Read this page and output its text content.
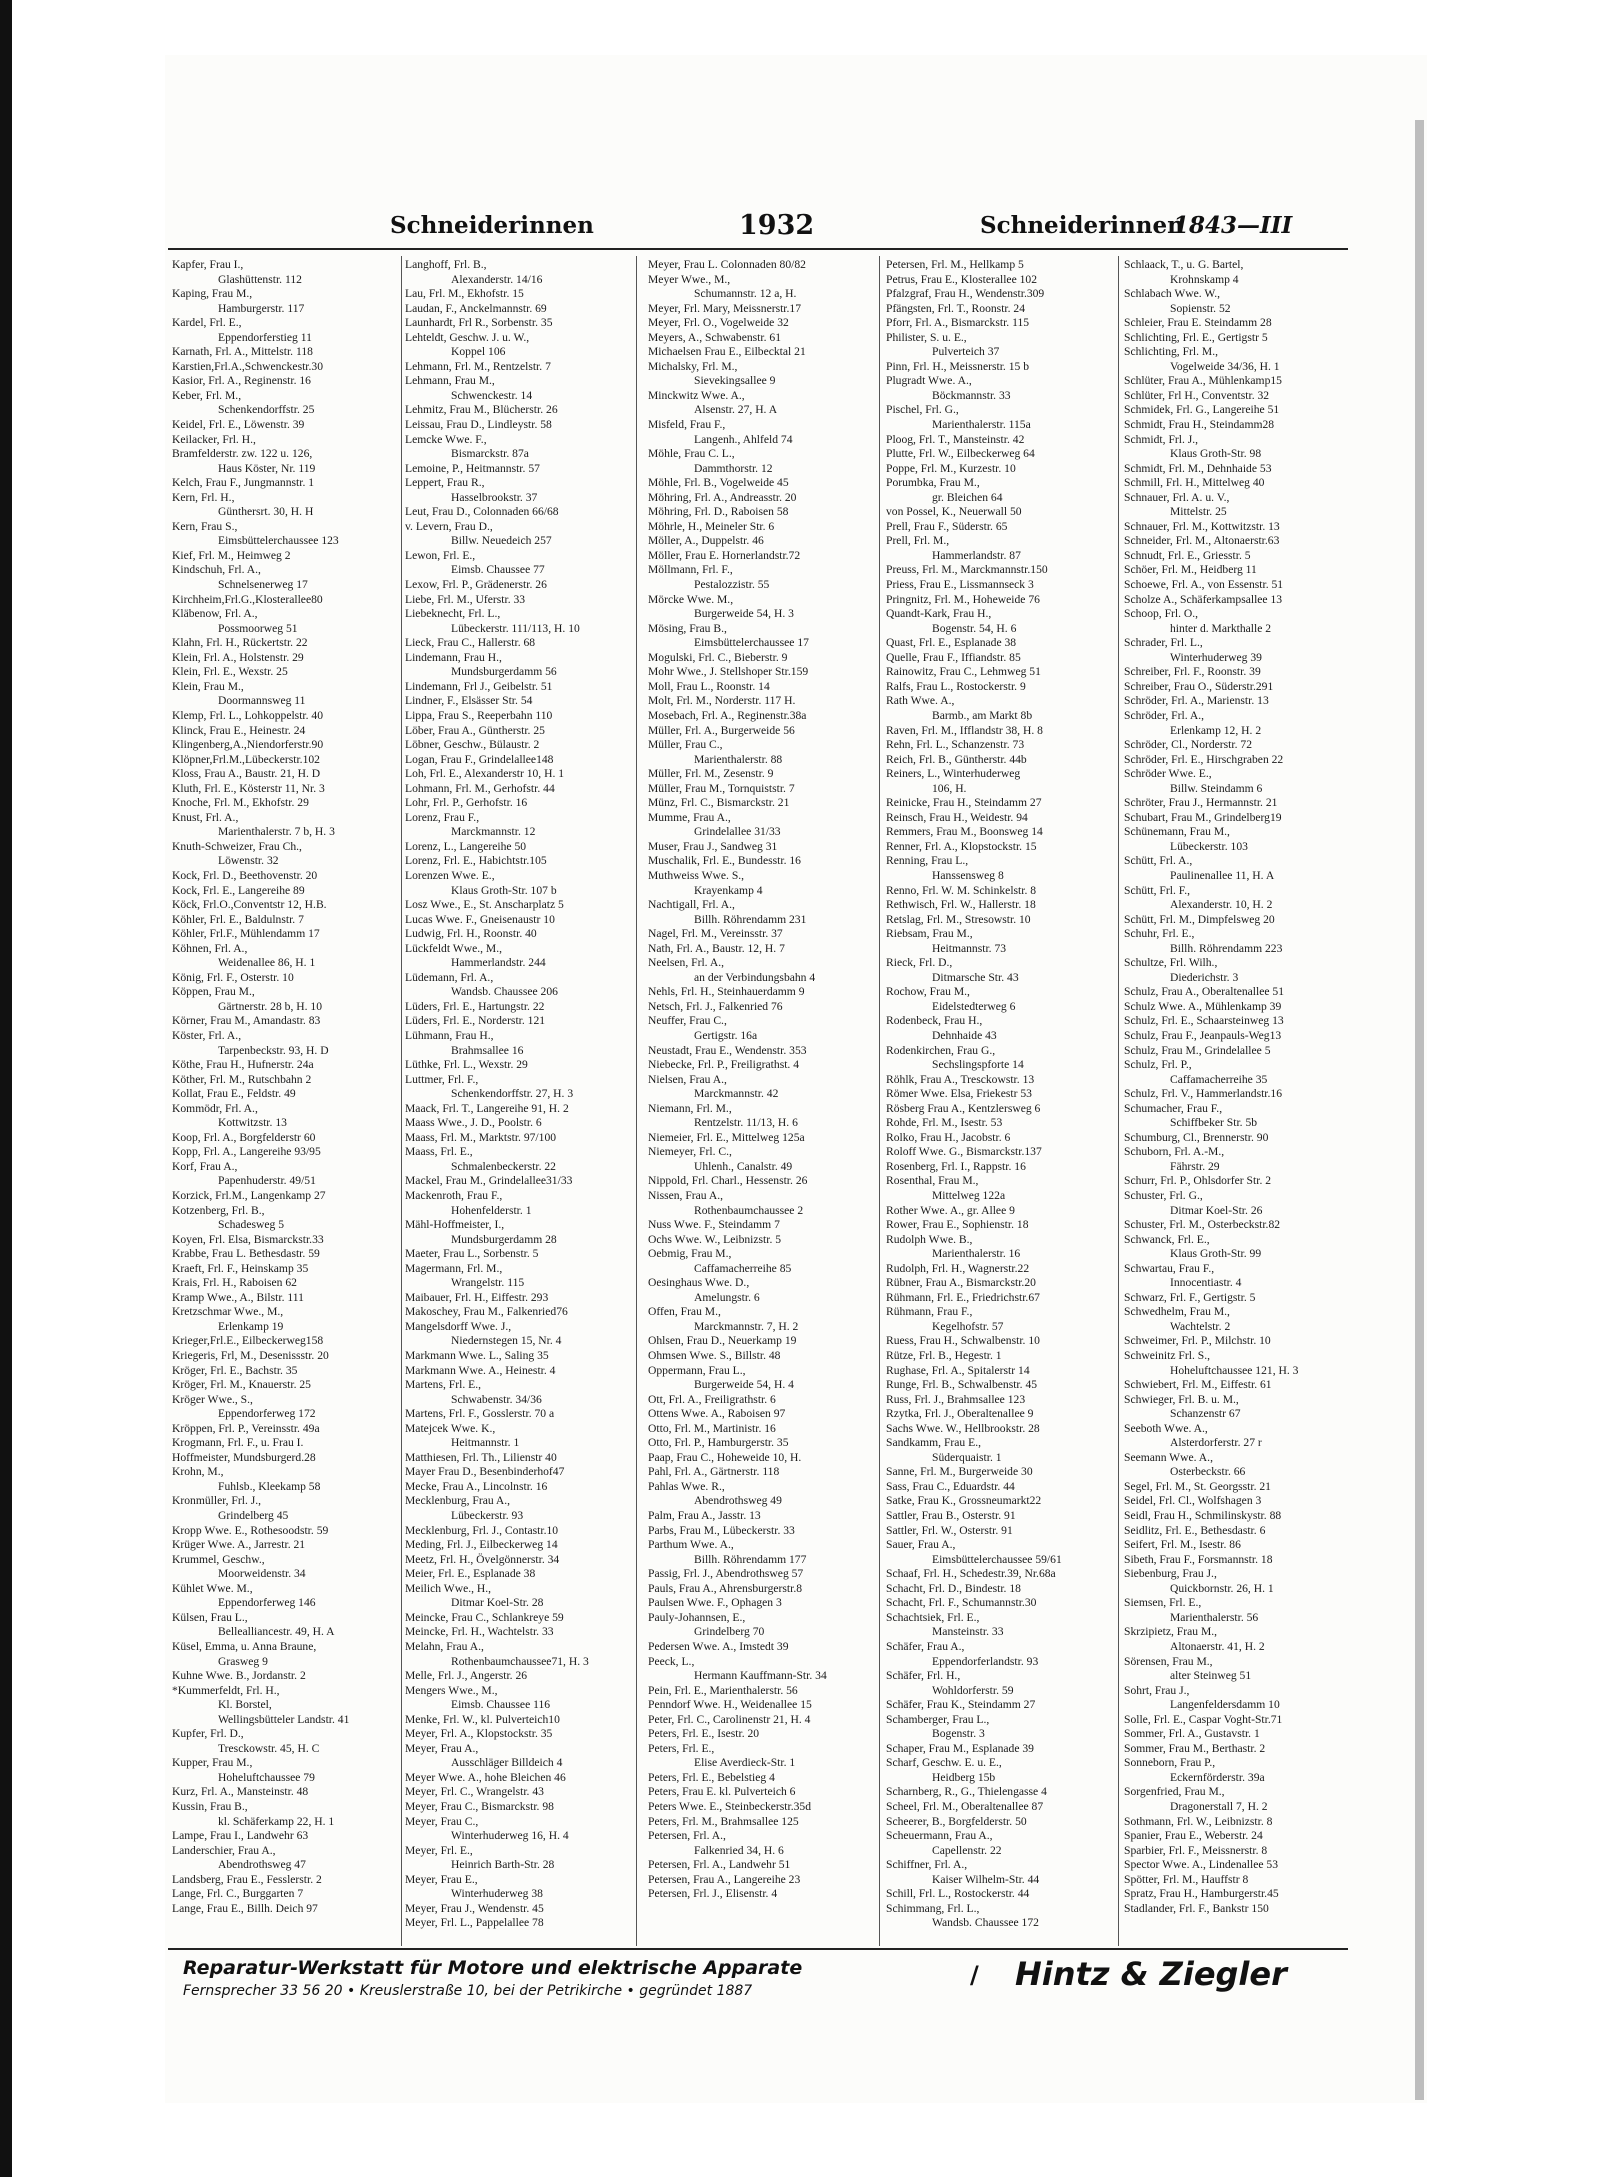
Schneiderinnen	1932	Schneiderinnen
1843—III
Kapfer, Frau I.,
Glashüttenstr. 112
Kaping, Frau M.,
Hamburgerstr. 117
Kardel, Frl. E.,
Eppendorferstieg 11
Karnath, Frl. A., Mittelstr. 118
Karstien,Frl.A.,Schwenckestr.30
Kasior, Frl. A., Reginenstr. 16
Keber, Frl. M.,
Schenkendorffstr. 25
Keidel, Frl. E., Löwenstr. 39
Keilacker, Frl. H.,
Bramfelderstr. zw. 122 u. 126,
Haus Köster, Nr. 119
Kelch, Frau F., Jungmannstr. 1
Kern, Frl. H.,
Günthersrt. 30, H. H
Kern, Frau S.,
Eimsbüttelerchaussee 123
Kief, Frl. M., Heimweg 2
Kindschuh, Frl. A.,
Schnelsenerweg 17
Kirchheim,Frl.G.,Klosterallee80
Kläbenow, Frl. A.,
Possmoorweg 51
Klahn, Frl. H., Rückertstr. 22
Klein, Frl. A., Holstenstr. 29
Klein, Frl. E., Wexstr. 25
Klein, Frau M.,
Doormannsweg 11
Klemp, Frl. L., Lohkoppelstr. 40
Klinck, Frau E., Heinestr. 24
Klingenberg,A.,Niendorferstr.90
Klöpner,Frl.M.,Lübeckerstr.102
Kloss, Frau A., Baustr. 21, H. D
Kluth, Frl. E., Kösterstr 11, Nr. 3
Knoche, Frl. M., Ekhofstr. 29
Knust, Frl. A.,
Marienthalerstr. 7 b, H. 3
Knuth-Schweizer, Frau Ch.,
Löwenstr. 32
Kock, Frl. D., Beethovenstr. 20
Kock, Frl. E., Langereihe 89
Köck, Frl.O.,Conventstr 12, H.B.
Köhler, Frl. E., Baldulnstr. 7
Köhler, Frl.F., Mühlendamm 17
Köhnen, Frl. A.,
Weidenallee 86, H. 1
König, Frl. F., Osterstr. 10
Köppen, Frau M.,
Gärtnerstr. 28 b, H. 10
Körner, Frau M., Amandastr. 83
Köster, Frl. A.,
Tarpenbeckstr. 93, H. D
Köthe, Frau H., Hufnerstr. 24a
Köther, Frl. M., Rutschbahn 2
Kollat, Frau E., Feldstr. 49
Kommödr, Frl. A.,
Kottwitzstr. 13
Koop, Frl. A., Borgfelderstr 60
Kopp, Frl. A., Langereihe 93/95
Korf, Frau A.,
Papenhuderstr. 49/51
Korzick, Frl.M., Langenkamp 27
Kotzenberg, Frl. B.,
Schadesweg 5
Koyen, Frl. Elsa, Bismarckstr.33
Krabbe, Frau L. Bethesdastr. 59
Kraeft, Frl. F., Heinskamp 35
Krais, Frl. H., Raboisen 62
Kramp Wwe., A., Bilstr. 111
Kretzschmar Wwe., M.,
Erlenkamp 19
Krieger,Frl.E., Eilbeckerweg158
Kriegeris, Frl, M., Desenissstr. 20
Kröger, Frl. E., Bachstr. 35
Kröger, Frl. M., Knauerstr. 25
Kröger Wwe., S.,
Eppendorferweg 172
Kröppen, Frl. P., Vereinsstr. 49a
Krogmann, Frl. F., u. Frau I.
Hoffmeister, Mundsburgerd.28
Krohn, M.,
Fuhlsb., Kleekamp 58
Kronmüller, Frl. J.,
Grindelberg 45
Kropp Wwe. E., Rothesoodstr. 59
Krüger Wwe. A., Jarrestr. 21
Krummel, Geschw.,
Moorweidenstr. 34
Kühlet Wwe. M.,
Eppendorferweg 146
Külsen, Frau L.,
Bellealliancestr. 49, H. A
Küsel, Emma, u. Anna Braune,
Grasweg 9
Kuhne Wwe. B., Jordanstr. 2
*Kummerfeldt, Frl. H.,
Kl. Borstel,
Wellingsbütteler Landstr. 41
Kupfer, Frl. D.,
Tresckowstr. 45, H. C
Kupper, Frau M.,
Hoheluftchaussee 79
Kurz, Frl. A., Mansteinstr. 48
Kussin, Frau B.,
kl. Schäferkamp 22, H. 1
Lampe, Frau I., Landwehr 63
Landerschier, Frau A.,
Abendrothsweg 47
Landsberg, Frau E., Fesslerstr. 2
Lange, Frl. C., Burggarten 7
Lange, Frau E., Billh. Deich 97
Langhoff, Frl. B.,
Alexanderstr. 14/16
Lau, Frl. M., Ekhofstr. 15
Laudan, F., Anckelmannstr. 69
Launhardt, Frl R., Sorbenstr. 35
Lehteldt, Geschw. J. u. W.,
Koppel 106
Lehmann, Frl. M., Rentzelstr. 7
Lehmann, Frau M.,
Schwenckestr. 14
Lehmitz, Frau M., Blücherstr. 26
Leissau, Frau D., Lindleystr. 58
Lemcke Wwe. F.,
Bismarckstr. 87a
Lemoine, P., Heitmannstr. 57
Leppert, Frau R.,
Hasselbrookstr. 37
Leut, Frau D., Colonnaden 66/68
v. Levern, Frau D.,
Billw. Neuedeich 257
Lewon, Frl. E.,
Eimsb. Chaussee 77
Lexow, Frl. P., Grädenerstr. 26
Liebe, Frl. M., Uferstr. 33
Liebeknecht, Frl. L.,
Lübeckerstr. 111/113, H. 10
Lieck, Frau C., Hallerstr. 68
Lindemann, Frau H.,
Mundsburgerdamm 56
Lindemann, Frl J., Geibelstr. 51
Lindner, F., Elsässer Str. 54
Lippa, Frau S., Reeperbahn 110
Löber, Frau A., Güntherstr. 25
Löbner, Geschw., Bülaustr. 2
Logan, Frau F., Grindelallee148
Loh, Frl. E., Alexanderstr 10, H. 1
Lohmann, Frl. M., Gerhofstr. 44
Lohr, Frl. P., Gerhofstr. 16
Lorenz, Frau F.,
Marckmannstr. 12
Lorenz, L., Langereihe 50
Lorenz, Frl. E., Habichtstr.105
Lorenzen Wwe. E.,
Klaus Groth-Str. 107 b
Losz Wwe., E., St. Anscharplatz 5
Lucas Wwe. F., Gneisenaustr 10
Ludwig, Frl. H., Roonstr. 40
Lückfeldt Wwe., M.,
Hammerlandstr. 244
Lüdemann, Frl. A.,
Wandsb. Chaussee 206
Lüders, Frl. E., Hartungstr. 22
Lüders, Frl. E., Norderstr. 121
Lühmann, Frau H.,
Brahmsallee 16
Lüthke, Frl. L., Wexstr. 29
Luttmer, Frl. F.,
Schenkendorffstr. 27, H. 3
Maack, Frl. T., Langereihe 91, H. 2
Maass Wwe., J. D., Poolstr. 6
Maass, Frl. M., Marktstr. 97/100
Maass, Frl. E.,
Schmalenbeckerstr. 22
Mackel, Frau M., Grindelallee31/33
Mackenroth, Frau F.,
Hohenfelderstr. 1
Mähl-Hoffmeister, I.,
Mundsburgerdamm 28
Maeter, Frau L., Sorbenstr. 5
Magermann, Frl. M.,
Wrangelstr. 115
Maibauer, Frl. H., Eiffestr. 293
Makoschey, Frau M., Falkenried76
Mangelsdorff Wwe. J.,
Niedernstegen 15, Nr. 4
Markmann Wwe. L., Saling 35
Markmann Wwe. A., Heinestr. 4
Martens, Frl. E.,
Schwabenstr. 34/36
Martens, Frl. F., Gosslerstr. 70 a
Matejcek Wwe. K.,
Heitmannstr. 1
Matthiesen, Frl. Th., Lilienstr 40
Mayer Frau D., Besenbinderhof47
Mecke, Frau A., Lincolnstr. 16
Mecklenburg, Frau A.,
Lübeckerstr. 93
Mecklenburg, Frl. J., Contastr.10
Meding, Frl. J., Eilbeckerweg 14
Meetz, Frl. H., Övelgönnerstr. 34
Meier, Frl. E., Esplanade 38
Meilich Wwe., H.,
Ditmar Koel-Str. 28
Meincke, Frau C., Schlankreye 59
Meincke, Frl. H., Wachtelstr. 33
Melahn, Frau A.,
Rothenbaumchaussee71, H. 3
Melle, Frl. J., Angerstr. 26
Mengers Wwe., M.,
Eimsb. Chaussee 116
Menke, Frl. W., kl. Pulverteich10
Meyer, Frl. A., Klopstockstr. 35
Meyer, Frau A.,
Ausschläger Billdeich 4
Meyer Wwe. A., hohe Bleichen 46
Meyer, Frl. C., Wrangelstr. 43
Meyer, Frau C., Bismarckstr. 98
Meyer, Frau C.,
Winterhuderweg 16, H. 4
Meyer, Frl. E.,
Heinrich Barth-Str. 28
Meyer, Frau E.,
Winterhuderweg 38
Meyer, Frau J., Wendenstr. 45
Meyer, Frl. L., Pappelallee 78
Meyer, Frau L. Colonnaden 80/82
Meyer Wwe., M.,
Schumannstr. 12 a, H.
Meyer, Frl. Mary, Meissnerstr.17
Meyer, Frl. O., Vogelweide 32
Meyers, A., Schwabenstr. 61
Michaelsen Frau E., Eilbecktal 21
Michalsky, Frl. M.,
Sievekingsallee 9
Minckwitz Wwe. A.,
Alsenstr. 27, H. A
Misfeld, Frau F.,
Langenh., Ahlfeld 74
Möhle, Frau C. L.,
Dammthorstr. 12
Möhle, Frl. B., Vogelweide 45
Möhring, Frl. A., Andreasstr. 20
Möhring, Frl. D., Raboisen 58
Möhrle, H., Meineler Str. 6
Möller, A., Duppelstr. 46
Möller, Frau E. Hornerlandstr.72
Möllmann, Frl. F.,
Pestalozzistr. 55
Mörcke Wwe. M.,
Burgerweide 54, H. 3
Mösing, Frau B.,
Eimsbüttelerchaussee 17
Mogulski, Frl. C., Bieberstr. 9
Mohr Wwe., J. Stellshoper Str.159
Moll, Frau L., Roonstr. 14
Molt, Frl. M., Norderstr. 117 H.
Mosebach, Frl. A., Reginenstr.38a
Müller, Frl. A., Burgerweide 56
Müller, Frau C.,
Marienthalerstr. 88
Müller, Frl. M., Zesenstr. 9
Müller, Frau M., Tornquiststr. 7
Münz, Frl. C., Bismarckstr. 21
Mumme, Frau A.,
Grindelallee 31/33
Muser, Frau J., Sandweg 31
Muschalik, Frl. E., Bundesstr. 16
Muthweiss Wwe. S.,
Krayenkamp 4
Nachtigall, Frl. A.,
Billh. Röhrendamm 231
Nagel, Frl. M., Vereinsstr. 37
Nath, Frl. A., Baustr. 12, H. 7
Neelsen, Frl. A.,
an der Verbindungsbahn 4
Nehls, Frl. H., Steinhauerdamm 9
Netsch, Frl. J., Falkenried 76
Neuffer, Frau C.,
Gertigstr. 16a
Neustadt, Frau E., Wendenstr. 353
Niebecke, Frl. P., Freiligrathst. 4
Nielsen, Frau A.,
Marckmannstr. 42
Niemann, Frl. M.,
Rentzelstr. 11/13, H. 6
Niemeier, Frl. E., Mittelweg 125a
Niemeyer, Frl. C.,
Uhlenh., Canalstr. 49
Nippold, Frl. Charl., Hessenstr. 26
Nissen, Frau A.,
Rothenbaumchaussee 2
Nuss Wwe. F., Steindamm 7
Ochs Wwe. W., Leibnizstr. 5
Oebmig, Frau M.,
Caffamacherreihe 85
Oesinghaus Wwe. D.,
Amelungstr. 6
Offen, Frau M.,
Marckmannstr. 7, H. 2
Ohlsen, Frau D., Neuerkamp 19
Ohmsen Wwe. S., Billstr. 48
Oppermann, Frau L.,
Burgerweide 54, H. 4
Ott, Frl. A., Freiligrathstr. 6
Ottens Wwe. A., Raboisen 97
Otto, Frl. M., Martinistr. 16
Otto, Frl. P., Hamburgerstr. 35
Paap, Frau C., Hoheweide 10, H.
Pahl, Frl. A., Gärtnerstr. 118
Pahlas Wwe. R.,
Abendrothsweg 49
Palm, Frau A., Jasstr. 13
Parbs, Frau M., Lübeckerstr. 33
Parthum Wwe. A.,
Billh. Röhrendamm 177
Passig, Frl. J., Abendrothsweg 57
Pauls, Frau A., Ahrensburgerstr.8
Paulsen Wwe. F., Ophagen 3
Pauly-Johannsen, E.,
Grindelberg 70
Pedersen Wwe. A., Imstedt 39
Peeck, L.,
Hermann Kauffmann-Str. 34
Pein, Frl. E., Marienthalerstr. 56
Penndorf Wwe. H., Weidenallee 15
Peter, Frl. C., Carolinenstr 21, H. 4
Peters, Frl. E., Isestr. 20
Peters, Frl. E.,
Elise Averdieck-Str. 1
Peters, Frl. E., Bebelstieg 4
Peters, Frau E. kl. Pulverteich 6
Peters Wwe. E., Steinbeckerstr.35d
Peters, Frl. M., Brahmsallee 125
Petersen, Frl. A.,
Falkenried 34, H. 6
Petersen, Frl. A., Landwehr 51
Petersen, Frau A., Langereihe 23
Petersen, Frl. J., Elisenstr. 4
Petersen, Frl. M., Hellkamp 5
Petrus, Frau E., Klosterallee 102
Pfalzgraf, Frau H., Wendenstr.309
Pfängsten, Frl. T., Roonstr. 24
Pforr, Frl. A., Bismarckstr. 115
Philister, S. u. E.,
Pulverteich 37
Pinn, Frl. H., Meissnerstr. 15 b
Plugradt Wwe. A.,
Böckmannstr. 33
Pischel, Frl. G.,
Marienthalerstr. 115a
Ploog, Frl. T., Mansteinstr. 42
Plutte, Frl. W., Eilbeckerweg 64
Poppe, Frl. M., Kurzestr. 10
Porumbka, Frau M.,
gr. Bleichen 64
von Possel, K., Neuerwall 50
Prell, Frau F., Süderstr. 65
Prell, Frl. M.,
Hammerlandstr. 87
Preuss, Frl. M., Marckmannstr.150
Priess, Frau E., Lissmannseck 3
Pringnitz, Frl. M., Hoheweide 76
Quandt-Kark, Frau H.,
Bogenstr. 54, H. 6
Quast, Frl. E., Esplanade 38
Quelle, Frau F., Iffiandstr. 85
Rainowitz, Frau C., Lehmweg 51
Ralfs, Frau L., Rostockerstr. 9
Rath Wwe. A.,
Barmb., am Markt 8b
Raven, Frl. M., Ifflandstr 38, H. 8
Rehn, Frl. L., Schanzenstr. 73
Reich, Frl. B., Güntherstr. 44b
Reiners, L., Winterhuderweg
106, H.
Reinicke, Frau H., Steindamm 27
Reinsch, Frau H., Weidestr. 94
Remmers, Frau M., Boonsweg 14
Renner, Frl. A., Klopstockstr. 15
Renning, Frau L.,
Hanssensweg 8
Renno, Frl. W. M. Schinkelstr. 8
Rethwisch, Frl. W., Hallerstr. 18
Retslag, Frl. M., Stresowstr. 10
Riebsam, Frau M.,
Heitmannstr. 73
Rieck, Frl. D.,
Ditmarsche Str. 43
Rochow, Frau M.,
Eidelstedterweg 6
Rodenbeck, Frau H.,
Dehnhaide 43
Rodenkirchen, Frau G.,
Sechslingspforte 14
Röhlk, Frau A., Tresckowstr. 13
Römer Wwe. Elsa, Friekestr 53
Rösberg Frau A., Kentzlersweg 6
Rohde, Frl. M., Isestr. 53
Rolko, Frau H., Jacobstr. 6
Roloff Wwe. G., Bismarckstr.137
Rosenberg, Frl. I., Rappstr. 16
Rosenthal, Frau M.,
Mittelweg 122a
Rother Wwe. A., gr. Allee 9
Rower, Frau E., Sophienstr. 18
Rudolph Wwe. B.,
Marienthalerstr. 16
Rudolph, Frl. H., Wagnerstr.22
Rübner, Frau A., Bismarckstr.20
Rühmann, Frl. E., Friedrichstr.67
Rühmann, Frau F.,
Kegelhofstr. 57
Ruess, Frau H., Schwalbenstr. 10
Rütze, Frl. B., Hegestr. 1
Rughase, Frl. A., Spitalerstr 14
Runge, Frl. B., Schwalbenstr. 45
Russ, Frl. J., Brahmsallee 123
Rzytka, Frl. J., Oberaltenallee 9
Sachs Wwe. W., Hellbrookstr. 28
Sandkamm, Frau E.,
Süderquaistr. 1
Sanne, Frl. M., Burgerweide 30
Sass, Frau C., Eduardstr. 44
Satke, Frau K., Grossneumarkt22
Sattler, Frau B., Osterstr. 91
Sattler, Frl. W., Osterstr. 91
Sauer, Frau A.,
Eimsbüttelerchaussee 59/61
Schaaf, Frl. H., Schedestr.39, Nr.68a
Schacht, Frl. D., Bindestr. 18
Schacht, Frl. F., Schumannstr.30
Schachtsiek, Frl. E.,
Mansteinstr. 33
Schäfer, Frau A.,
Eppendorferlandstr. 93
Schäfer, Frl. H.,
Wohldorferstr. 59
Schäfer, Frau K., Steindamm 27
Schamberger, Frau L.,
Bogenstr. 3
Schaper, Frau M., Esplanade 39
Scharf, Geschw. E. u. E.,
Heidberg 15b
Scharnberg, R., G., Thielengasse 4
Scheel, Frl. M., Oberaltenallee 87
Scheerer, B., Borgfelderstr. 50
Scheuermann, Frau A.,
Capellenstr. 22
Schiffner, Frl. A.,
Kaiser Wilhelm-Str. 44
Schill, Frl. L., Rostockerstr. 44
Schimmang, Frl. L.,
Wandsb. Chaussee 172
Schlaack, T., u. G. Bartel,
Krohnskamp 4
Schlabach Wwe. W.,
Sopienstr. 52
Schleier, Frau E. Steindamm 28
Schlichting, Frl. E., Gertigstr 5
Schlichting, Frl. M.,
Vogelweide 34/36, H. 1
Schlüter, Frau A., Mühlenkamp15
Schlüter, Frl H., Conventstr. 32
Schmidek, Frl. G., Langereihe 51
Schmidt, Frau H., Steindamm28
Schmidt, Frl. J.,
Klaus Groth-Str. 98
Schmidt, Frl. M., Dehnhaide 53
Schmill, Frl. H., Mittelweg 40
Schnauer, Frl. A. u. V.,
Mittelstr. 25
Schnauer, Frl. M., Kottwitzstr. 13
Schneider, Frl. M., Altonaerstr.63
Schnudt, Frl. E., Griesstr. 5
Schöer, Frl. M., Heidberg 11
Schoewe, Frl. A., von Essenstr. 51
Scholze A., Schäferkampsallee 13
Schoop, Frl. O.,
hinter d. Markthalle 2
Schrader, Frl. L.,
Winterhuderweg 39
Schreiber, Frl. F., Roonstr. 39
Schreiber, Frau O., Süderstr.291
Schröder, Frl. A., Marienstr. 13
Schröder, Frl. A.,
Erlenkamp 12, H. 2
Schröder, Cl., Norderstr. 72
Schröder, Frl. E., Hirschgraben 22
Schröder Wwe. E.,
Billw. Steindamm 6
Schröter, Frau J., Hermannstr. 21
Schubart, Frau M., Grindelberg19
Schünemann, Frau M.,
Lübeckerstr. 103
Schütt, Frl. A.,
Paulinenallee 11, H. A
Schütt, Frl. F.,
Alexanderstr. 10, H. 2
Schütt, Frl. M., Dimpfelsweg 20
Schuhr, Frl. E.,
Billh. Röhrendamm 223
Schultze, Frl. Wilh.,
Diederichstr. 3
Schulz, Frau A., Oberaltenallee 51
Schulz Wwe. A., Mühlenkamp 39
Schulz, Frl. E., Schaarsteinweg 13
Schulz, Frau F., Jeanpauls-Weg13
Schulz, Frau M., Grindelallee 5
Schulz, Frl. P.,
Caffamacherreihe 35
Schulz, Frl. V., Hammerlandstr.16
Schumacher, Frau F.,
Schiffbeker Str. 5b
Schumburg, Cl., Brennerstr. 90
Schuborn, Frl. A.-M.,
Fährstr. 29
Schurr, Frl. P., Ohlsdorfer Str. 2
Schuster, Frl. G.,
Ditmar Koel-Str. 26
Schuster, Frl. M., Osterbeckstr.82
Schwanck, Frl. E.,
Klaus Groth-Str. 99
Schwartau, Frau F.,
Innocentiastr. 4
Schwarz, Frl. F., Gertigstr. 5
Schwedhelm, Frau M.,
Wachtelstr. 2
Schweimer, Frl. P., Milchstr. 10
Schweinitz Frl. S.,
Hoheluftchaussee 121, H. 3
Schwiebert, Frl. M., Eiffestr. 61
Schwieger, Frl. B. u. M.,
Schanzenstr 67
Seeboth Wwe. A.,
Alsterdorferstr. 27 r
Seemann Wwe. A.,
Osterbeckstr. 66
Segel, Frl. M., St. Georgsstr. 21
Seidel, Frl. Cl., Wolfshagen 3
Seidl, Frau H., Schmilinskystr. 88
Seidlitz, Frl. E., Bethesdastr. 6
Seifert, Frl. M., Isestr. 86
Sibeth, Frau F., Forsmannstr. 18
Siebenburg, Frau J.,
Quickbornstr. 26, H. 1
Siemsen, Frl. E.,
Marienthalerstr. 56
Skrzipietz, Frau M.,
Altonaerstr. 41, H. 2
Sörensen, Frau M.,
alter Steinweg 51
Sohrt, Frau J.,
Langenfeldersdamm 10
Solle, Frl. E., Caspar Voght-Str.71
Sommer, Frl. A., Gustavstr. 1
Sommer, Frau M., Berthastr. 2
Sonneborn, Frau P.,
Eckernförderstr. 39a
Sorgenfried, Frau M.,
Dragonerstall 7, H. 2
Sothmann, Frl. W., Leibnizstr. 8
Spanier, Frau E., Weberstr. 24
Sparbier, Frl. F., Meissnerstr. 8
Spector Wwe. A., Lindenallee 53
Spötter, Frl. M., Hauffstr 8
Spratz, Frau H., Hamburgerstr.45
Stadlander, Frl. F., Bankstr 150
Reparatur-Werkstatt für Motore und elektrische Apparate
Fernsprecher 33 56 20 • Kreuslerstraße 10, bei der Petrikirche • gegründet 1887
/ Hintz & Ziegler
